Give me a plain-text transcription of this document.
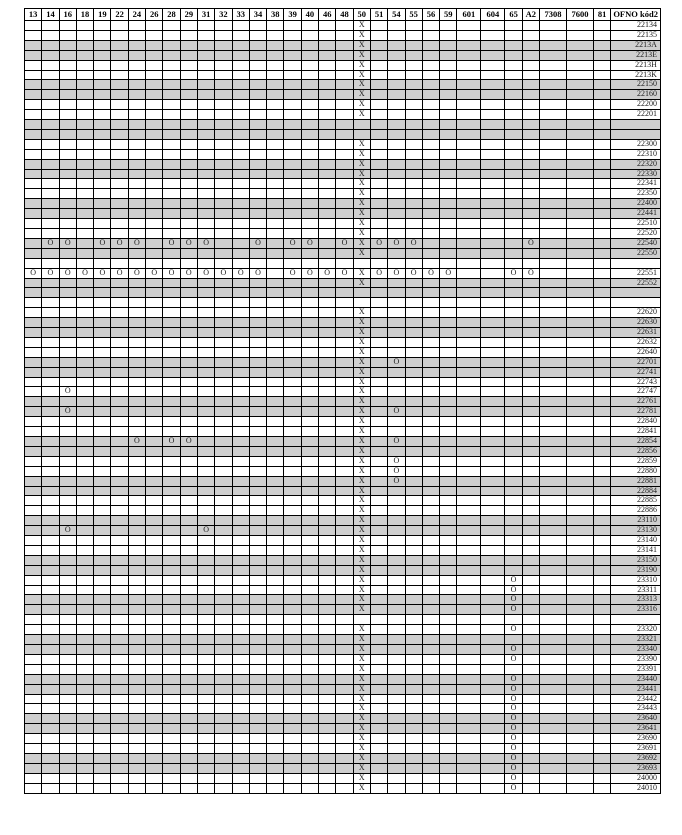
13	14	16	18	19	22	24	26	28	29	31	32	33	34	38	39	40	46	48	50	51	54	55	56	59	601	604	65	A2	7308	7600	81	OFNO kód2
																			X													22134
																			X													22135
																			X													2213A
																			X													2213E
																			X													2213H
																			X													2213K
																			X													22150
																			X													22160
																			X													22200
																			X													22201

																			X													22300
																			X													22310
																			X													22320
																			X													22330
																			X													22341
																			X													22350
																			X													22400
																			X													22441
																			X													22510
																			X													22520
	O	O		O	O	O		O	O	O			O		O	O		O	X	O	O	O						O				22540
																			X													22550

O	O	O	O	O	O	O	O	O	O	O	O	O	O		O	O	O	O	X	O	O	O	O	O			O	O				22551
																			X													22552

																			X													22620
																			X													22630
																			X													22631
																			X													22632
																			X													22640
																			X		O											22701
																			X													22741
																			X													22743
		O																	X													22747
																			X													22761
		O																	X		O											22781
																			X													22840
																			X													22841
						O		O	O										X		O											22854
																			X													22856
																			X		O											22859
																			X		O											22880
																			X		O											22881
																			X													22884
																			X													22885
																			X													22886
																			X													23110
		O								O									X													23130
																			X													23140
																			X													23141
																			X													23150
																			X													23190
																			X								O					23310
																			X								O					23311
																			X								O					23313
																			X								O					23316

																			X								O					23320
																			X													23321
																			X								O					23340
																			X								O					23390
																			X													23391
																			X								O					23440
																			X								O					23441
																			X								O					23442
																			X								O					23443
																			X								O					23640
																			X								O					23641
																			X								O					23690
																			X								O					23691
																			X								O					23692
																			X								O					23693
																			X								O					24000
																			X								O					24010
